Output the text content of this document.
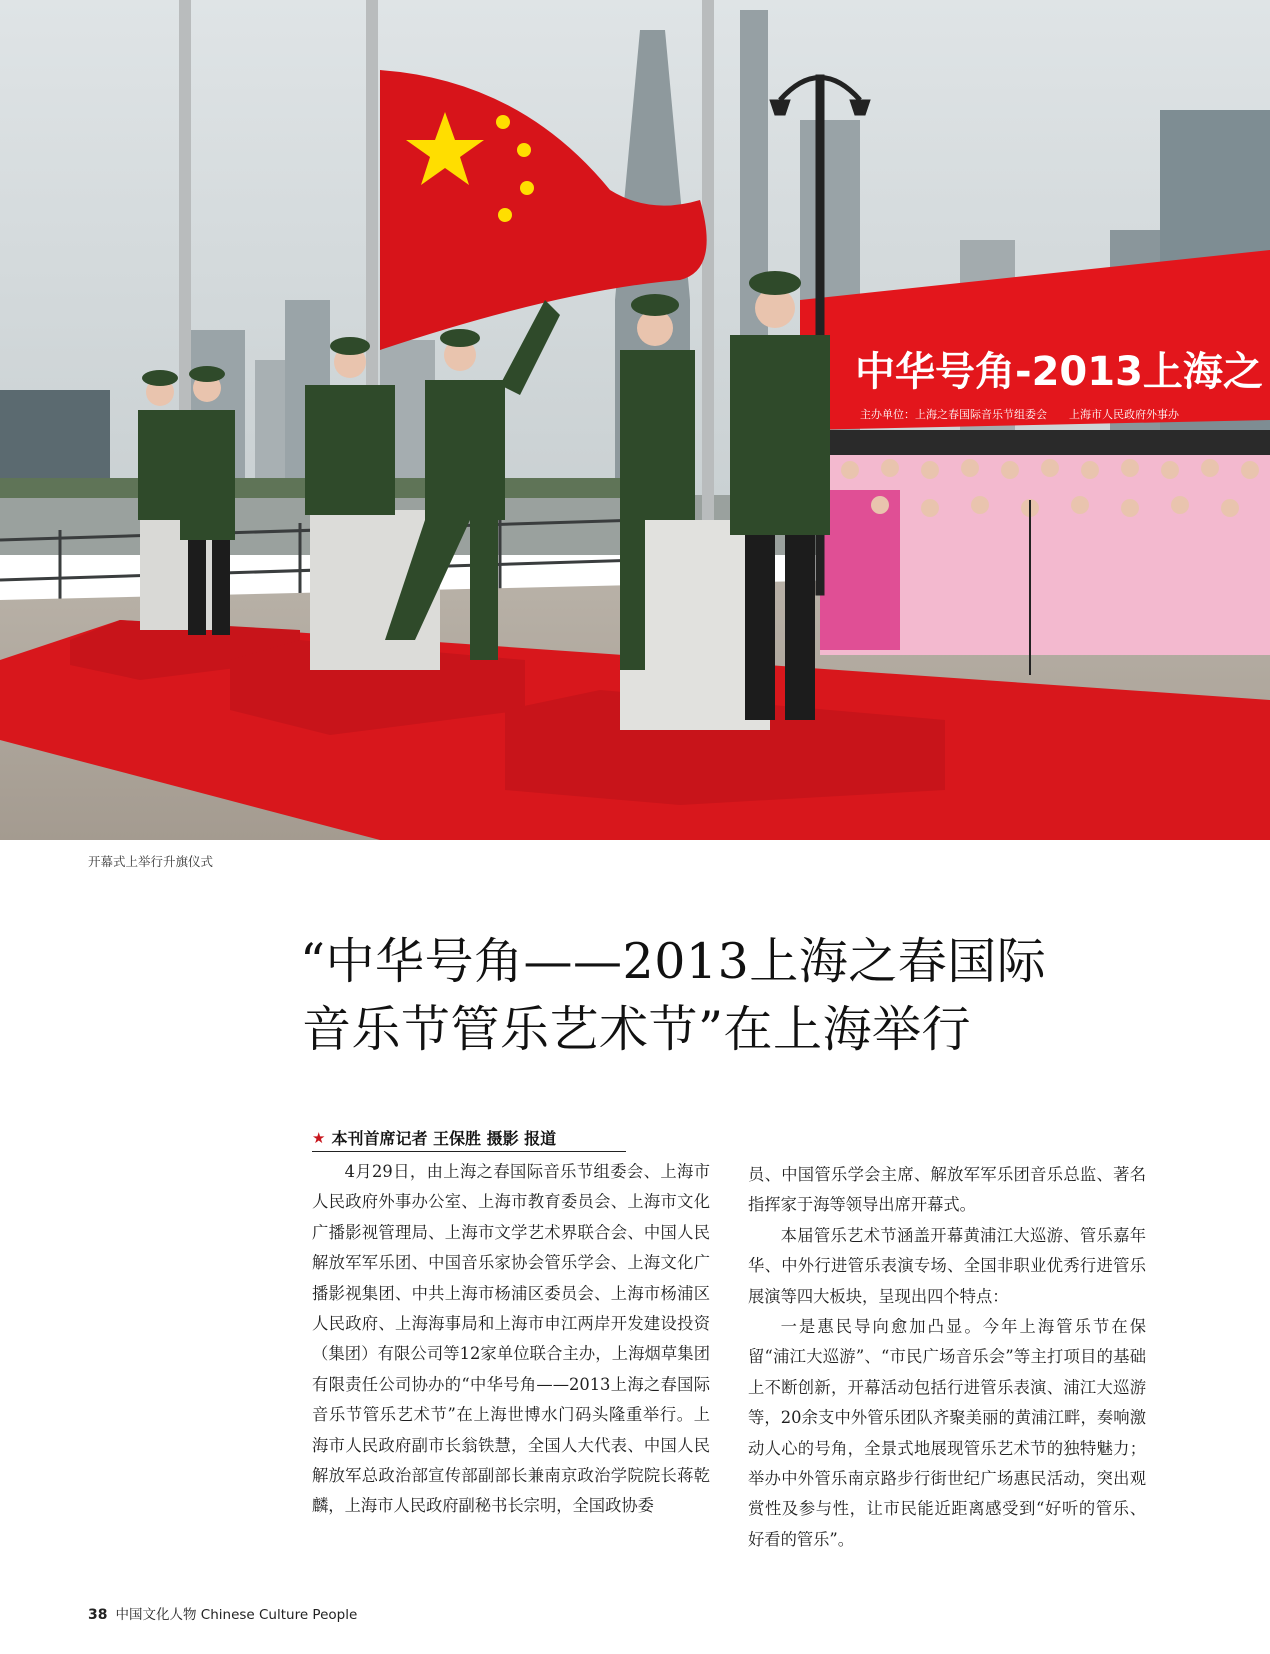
中华号角-2013上海之
主办单位：上海之春国际音乐节组委会　　上海市人民政府外事办
开幕式上举行升旗仪式
“中华号角——2013上海之春国际
音乐节管乐艺术节”在上海举行
★ 本刊首席记者 王保胜 摄影 报道

4月29日，由上海之春国际音乐节组委会、上海市人民政府外事办公室、上海市教育委员会、上海市文化广播影视管理局、上海市文学艺术界联合会、中国人民解放军军乐团、中国音乐家协会管乐学会、上海文化广播影视集团、中共上海市杨浦区委员会、上海市杨浦区人民政府、上海海事局和上海市申江两岸开发建设投资（集团）有限公司等12家单位联合主办，上海烟草集团有限责任公司协办的“中华号角——2013上海之春国际音乐节管乐艺术节”在上海世博水门码头隆重举行。上海市人民政府副市长翁铁慧，全国人大代表、中国人民解放军总政治部宣传部副部长兼南京政治学院院长蒋乾麟，上海市人民政府副秘书长宗明，全国政协委

员、中国管乐学会主席、解放军军乐团音乐总监、著名指挥家于海等领导出席开幕式。

本届管乐艺术节涵盖开幕黄浦江大巡游、管乐嘉年华、中外行进管乐表演专场、全国非职业优秀行进管乐展演等四大板块，呈现出四个特点：

一是惠民导向愈加凸显。今年上海管乐节在保留“浦江大巡游”、“市民广场音乐会”等主打项目的基础上不断创新，开幕活动包括行进管乐表演、浦江大巡游等，20余支中外管乐团队齐聚美丽的黄浦江畔，奏响激动人心的号角，全景式地展现管乐艺术节的独特魅力；举办中外管乐南京路步行街世纪广场惠民活动，突出观赏性及参与性，让市民能近距离感受到“好听的管乐、好看的管乐”。

38 中国文化人物 Chinese Culture People
